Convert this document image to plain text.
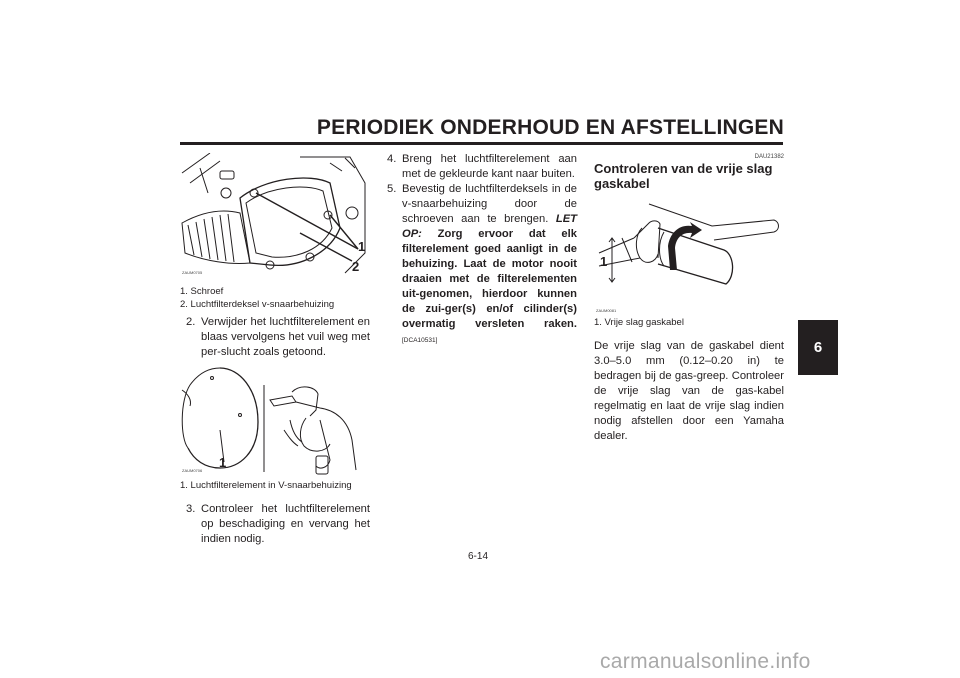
PERIODIEK ONDERHOUD EN AFSTELLINGEN
6
1
2
ZAUM0705
1. Schroef
2. Luchtfilterdeksel v-snaarbehuizing
2. Verwijder het luchtfilterelement en blaas vervolgens het vuil weg met per-slucht zoals getoond.
1
ZAUM0706
1. Luchtfilterelement in V-snaarbehuizing
3. Controleer het luchtfilterelement op beschadiging en vervang het indien nodig.
4. Breng het luchtfilterelement aan met de gekleurde kant naar buiten.
5. Bevestig de luchtfilterdeksels in de v-snaarbehuizing door de schroeven aan te brengen. LET OP: Zorg ervoor dat elk filterelement goed aanligt in de behuizing. Laat de motor nooit draaien met de filterelementen uit-genomen, hierdoor kunnen de zui-ger(s) en/of cilinder(s) overmatig versleten raken. [DCA10531]
DAU21382
Controleren van de vrije slag gaskabel
1
ZAUM0081
1. Vrije slag gaskabel
De vrije slag van de gaskabel dient 3.0–5.0 mm (0.12–0.20 in) te bedragen bij de gas-greep. Controleer de vrije slag van de gas-kabel regelmatig en laat de vrije slag indien nodig afstellen door een Yamaha dealer.
6-14
carmanualsonline.info
